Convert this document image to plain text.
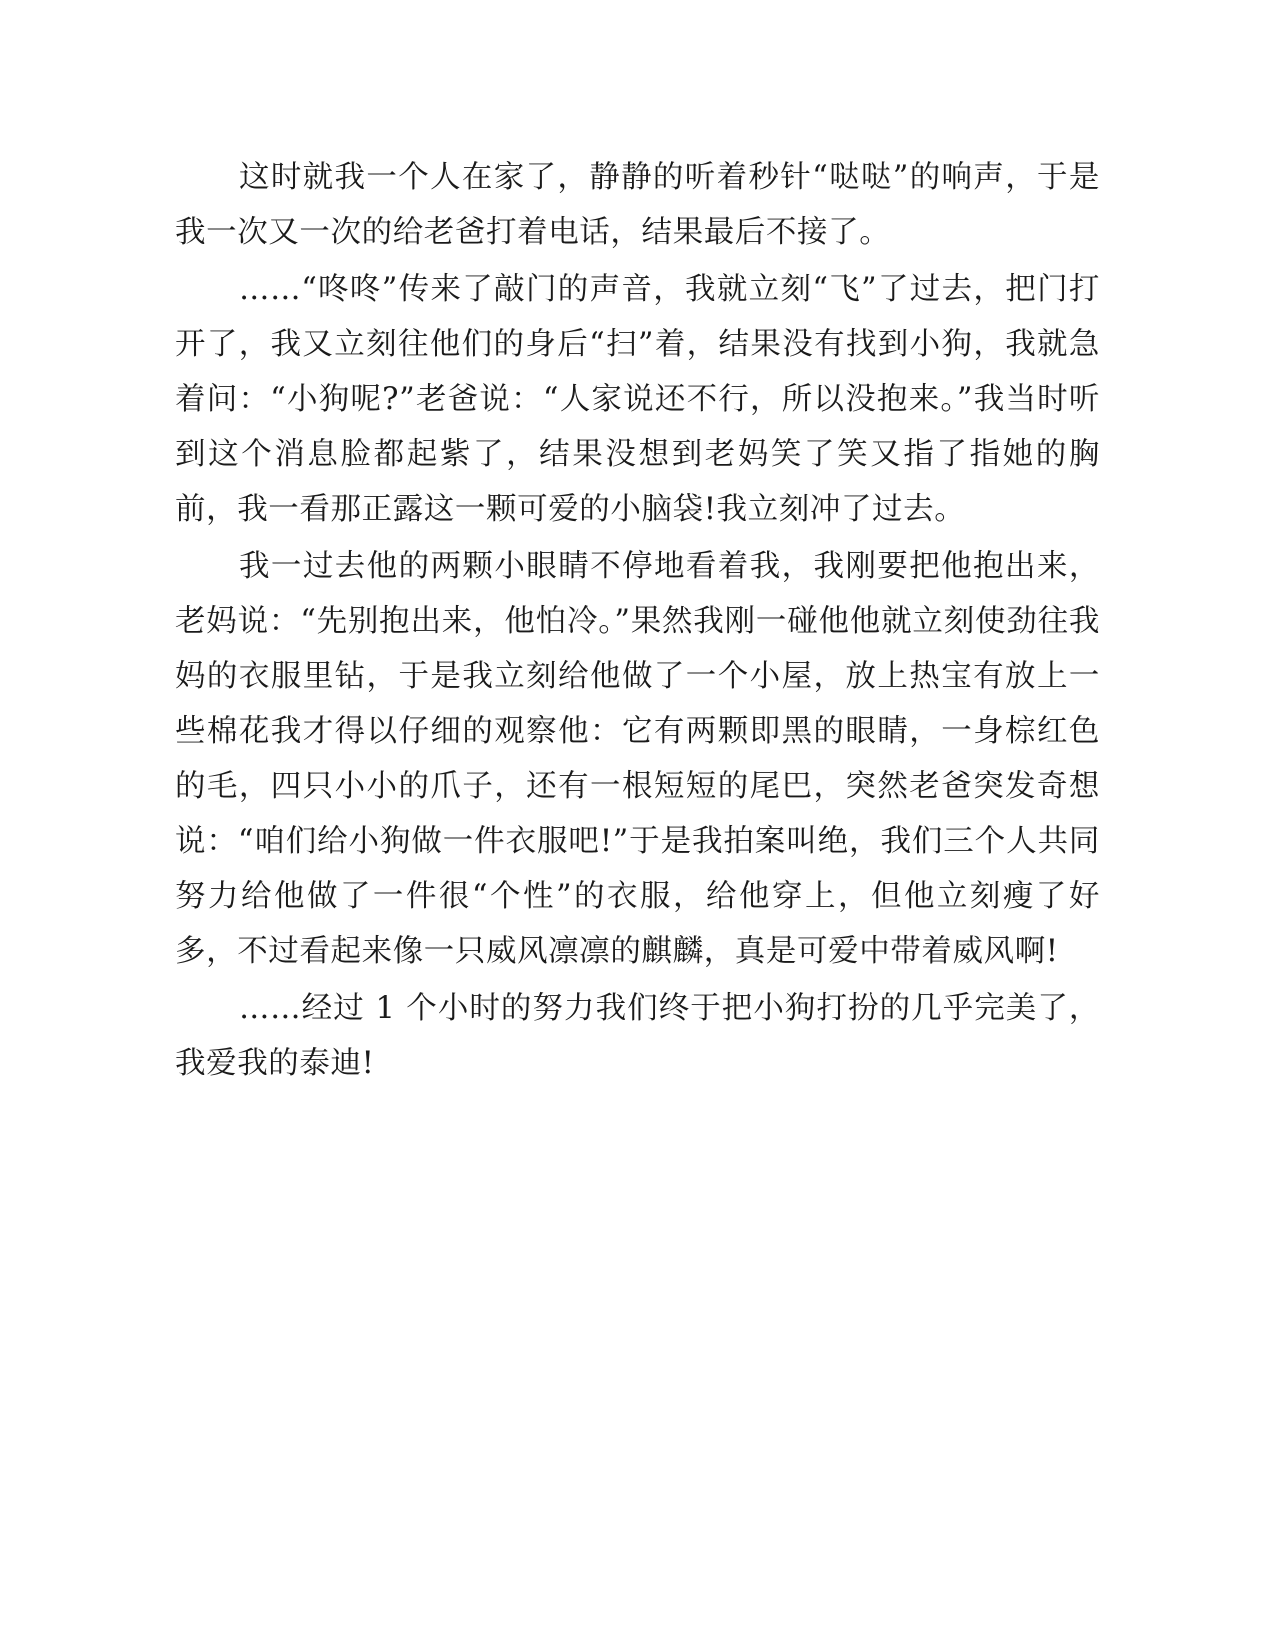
这时就我一个人在家了，静静的听着秒针“哒哒”的响声，于是我一次又一次的给老爸打着电话，结果最后不接了。

……“咚咚”传来了敲门的声音，我就立刻“飞”了过去，把门打开了，我又立刻往他们的身后“扫”着，结果没有找到小狗，我就急着问：“小狗呢?”老爸说：“人家说还不行，所以没抱来。”我当时听到这个消息脸都起紫了，结果没想到老妈笑了笑又指了指她的胸前，我一看那正露这一颗可爱的小脑袋!我立刻冲了过去。

我一过去他的两颗小眼睛不停地看着我，我刚要把他抱出来，老妈说：“先别抱出来，他怕冷。”果然我刚一碰他他就立刻使劲往我妈的衣服里钻，于是我立刻给他做了一个小屋，放上热宝有放上一些棉花我才得以仔细的观察他：它有两颗即黑的眼睛，一身棕红色的毛，四只小小的爪子，还有一根短短的尾巴，突然老爸突发奇想说：“咱们给小狗做一件衣服吧!”于是我拍案叫绝，我们三个人共同努力给他做了一件很“个性”的衣服，给他穿上，但他立刻瘦了好多，不过看起来像一只威风凛凛的麒麟，真是可爱中带着威风啊!

……经过 1 个小时的努力我们终于把小狗打扮的几乎完美了，我爱我的泰迪!
